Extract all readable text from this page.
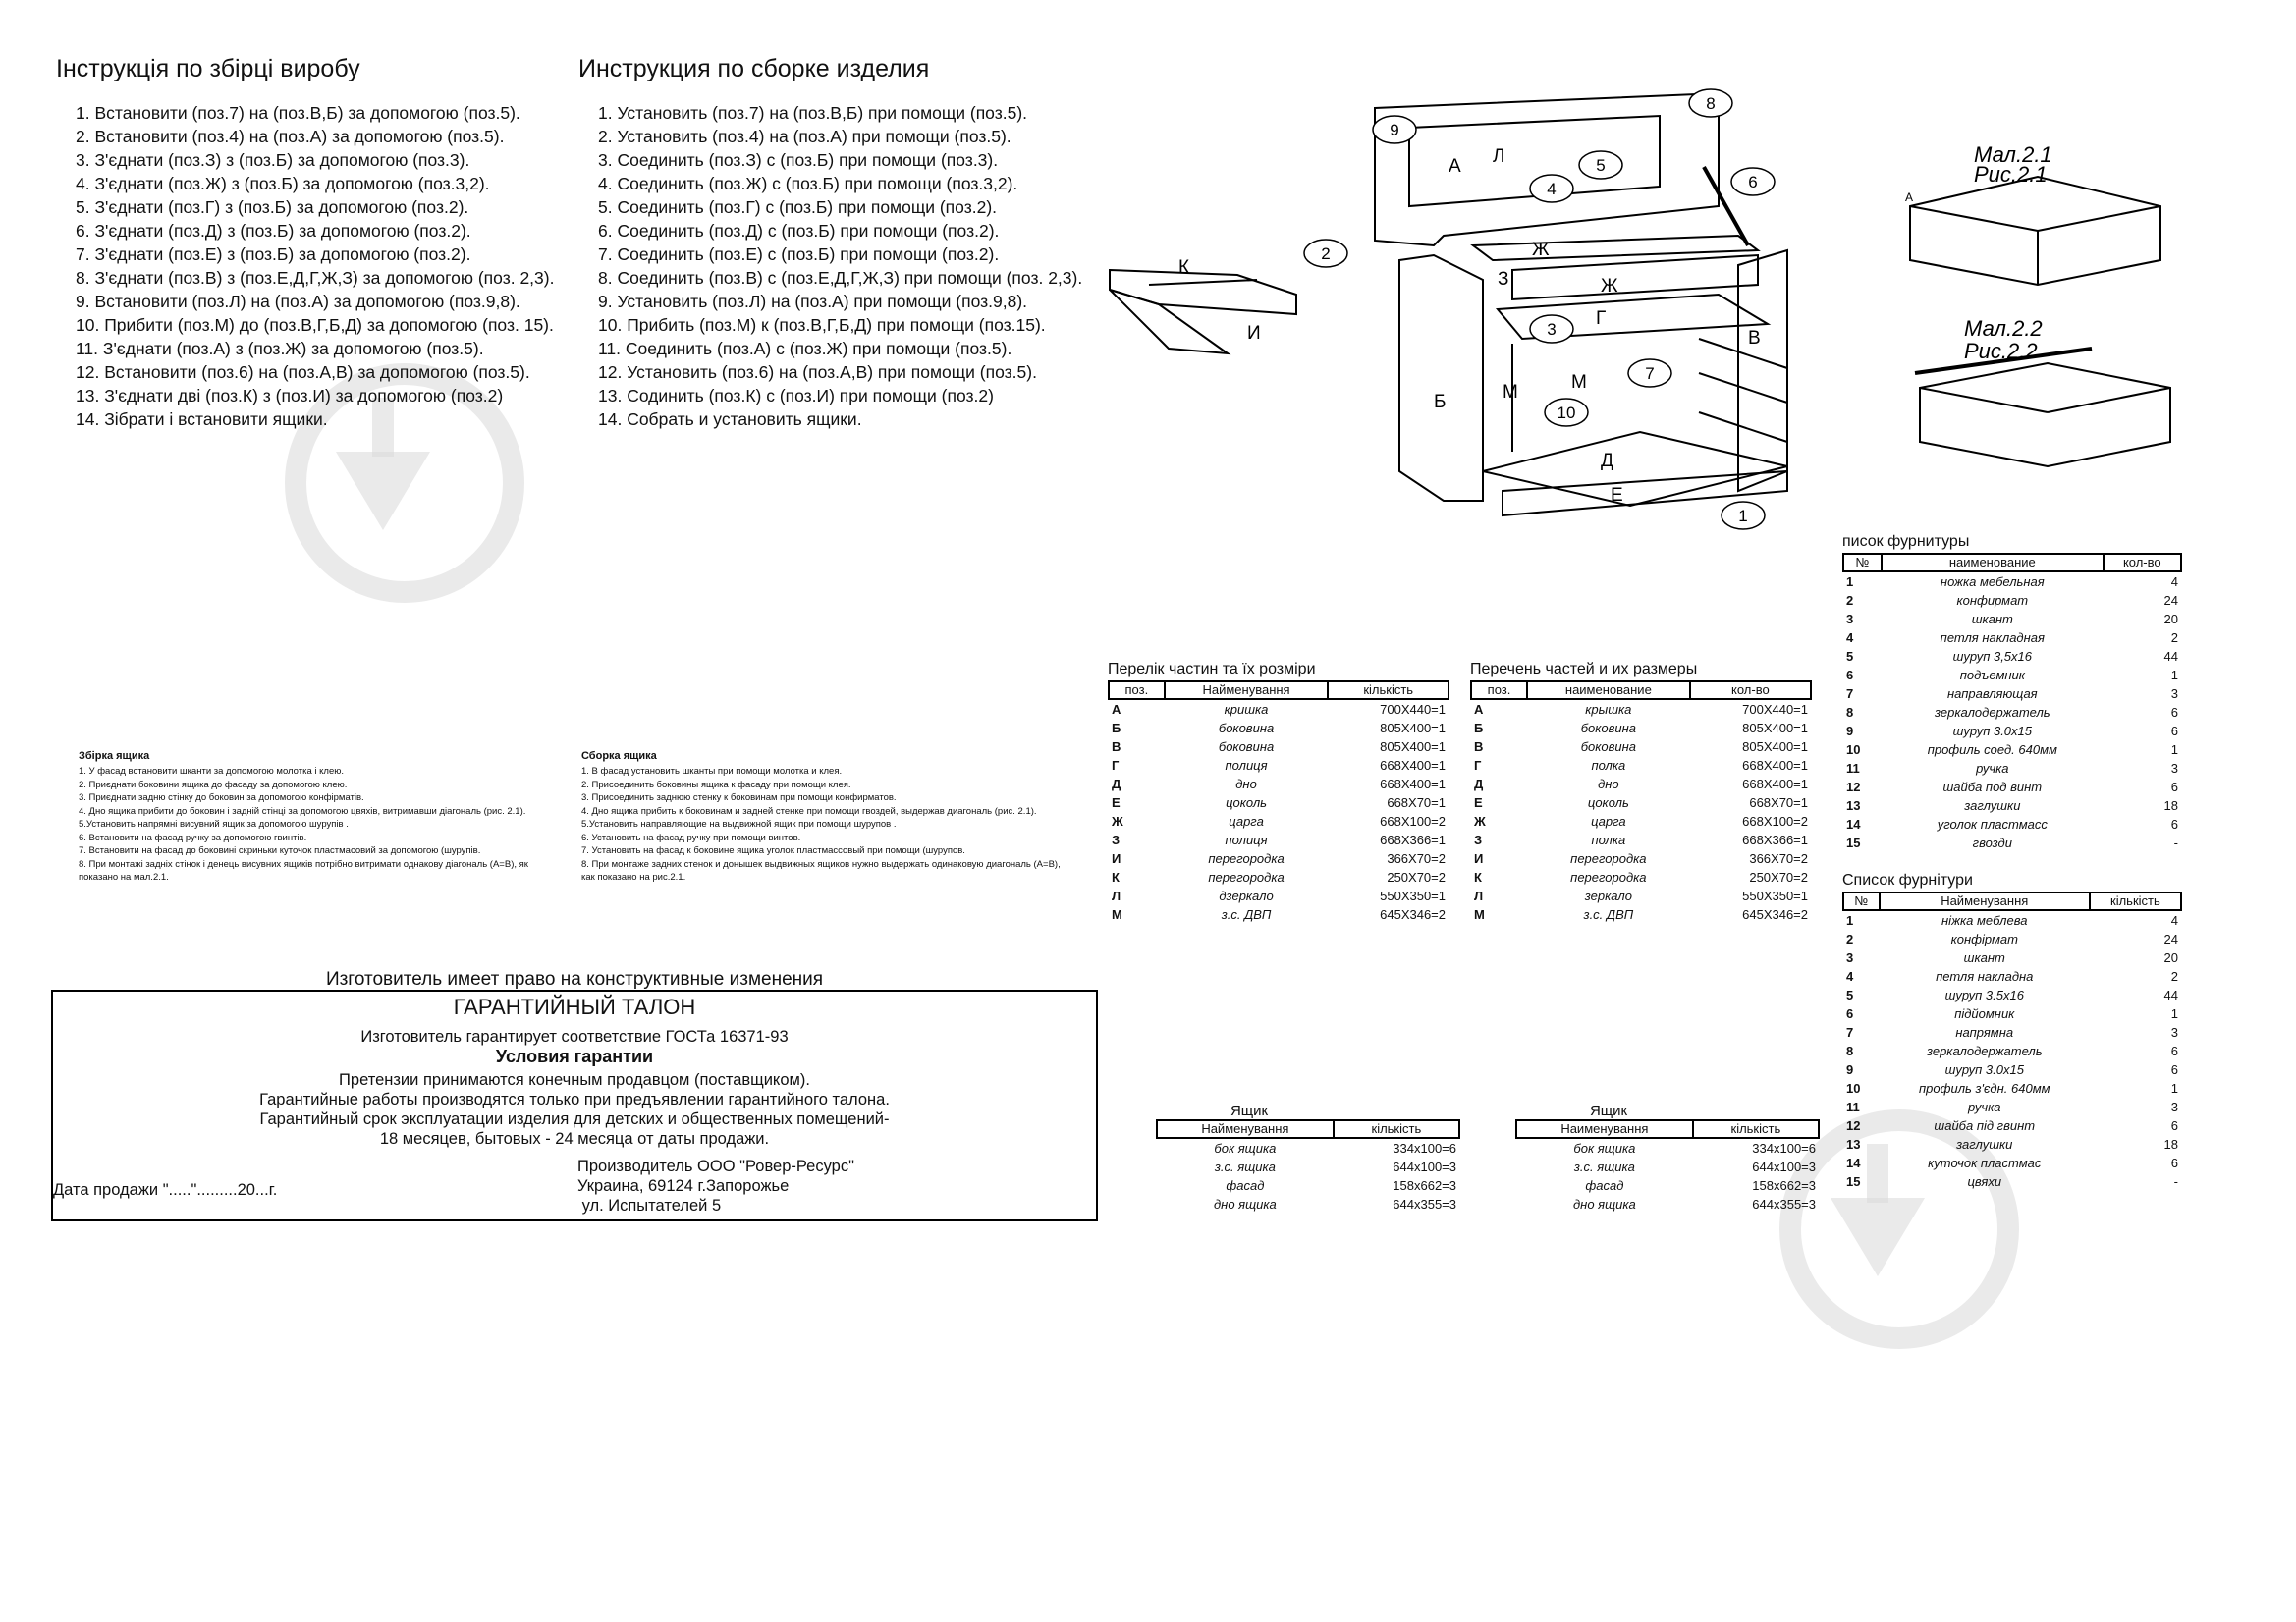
Інструкція по збірці виробу
1. Встановити (поз.7) на (поз.В,Б) за допомогою (поз.5).
2. Встановити (поз.4) на (поз.А) за допомогою (поз.5).
3. З'єднати (поз.З) з (поз.Б) за допомогою (поз.3).
4. З'єднати (поз.Ж) з (поз.Б) за допомогою (поз.3,2).
5. З'єднати (поз.Г) з (поз.Б) за допомогою (поз.2).
6. З'єднати (поз.Д) з (поз.Б) за допомогою (поз.2).
7. З'єднати (поз.Е) з (поз.Б) за допомогою (поз.2).
8. З'єднати (поз.В) з (поз.Е,Д,Г,Ж,З) за допомогою (поз. 2,3).
9. Встановити (поз.Л) на (поз.А) за допомогою (поз.9,8).
10. Прибити (поз.М) до (поз.В,Г,Б,Д) за допомогою (поз. 15).
11. З'єднати (поз.А) з (поз.Ж) за допомогою (поз.5).
12. Встановити (поз.6) на (поз.А,В) за допомогою (поз.5).
13. З'єднати дві (поз.К) з (поз.И) за допомогою (поз.2)
14. Зібрати і встановити ящики.
Инструкция по сборке изделия
1. Установить (поз.7) на (поз.В,Б) при помощи (поз.5).
2. Установить (поз.4) на (поз.А) при помощи (поз.5).
3. Соединить (поз.З) с (поз.Б) при помощи (поз.3).
4. Соединить (поз.Ж) с (поз.Б) при помощи (поз.3,2).
5. Соединить (поз.Г) с (поз.Б) при помощи (поз.2).
6. Соединить (поз.Д) с (поз.Б) при помощи (поз.2).
7. Соединить (поз.Е) с (поз.Б) при помощи (поз.2).
8. Соединить (поз.В) с (поз.Е,Д,Г,Ж,З) при помощи (поз. 2,3).
9. Установить (поз.Л) на (поз.А) при помощи (поз.9,8).
10. Прибить (поз.М) к (поз.В,Г,Б,Д) при помощи (поз.15).
11. Соединить (поз.А) с (поз.Ж) при помощи (поз.5).
12. Установить (поз.6) на (поз.А,В) при помощи (поз.5).
13. Содинить (поз.К) с (поз.И) при помощи (поз.2)
14. Собрать и установить ящики.
Збірка ящика
1. У фасад встановити шканти за допомогою молотка і клею.
2. Приєднати боковини ящика до фасаду за допомогою клею.
3. Приєднати задню стінку до боковин за допомогою конфірматів.
4. Дно ящика прибити до боковин і задній стінці за допомогою цвяхів, витримавши діагональ (рис. 2.1).
5.Установить напрямні висувний ящик за допомогою шурупів .
6. Встановити на фасад ручку за допомогою гвинтів.
7. Встановити на фасад до боковині скриньки куточок пластмасовий за допомогою (шурупів.
8. При монтажі задніх стінок і денець висувних ящиків потрібно витримати однакову діагональ (А=В), як показано на мал.2.1.
Сборка ящика
1. В фасад установить шканты при помощи молотка и клея.
2. Присоединить боковины ящика к фасаду при помощи клея.
3. Присоединить заднюю стенку к боковинам при помощи конфирматов.
4. Дно ящика прибить к боковинам и задней стенке при помощи гвоздей, выдержав диагональ (рис. 2.1).
5.Установить направляющие на выдвижной ящик при помощи шурупов .
6. Установить на фасад ручку при помощи винтов.
7. Установить на фасад к боковине ящика уголок пластмассовый при помощи (шурупов.
8. При монтаже задних стенок и донышек выдвижных ящиков нужно выдержать одинаковую диагональ (А=В), как показано на рис.2.1.
1
2
3
4
5
6
7
8
9
10
А Л
Ж
Ж
З
Г
В
Б	М	М
Д
Е
К
И
Мал.2.1
Рис.2.1
А
Мал.2.2
Рис.2.2
писок фурнитуры
№	наименование	кол-во
1	ножка мебельная	4
2	конфирмат	24
3	шкант	20
4	петля накладная	2
5	шуруп 3,5х16	44
6	подъемник	1
7	направляющая	3
8	зеркалодержатель	6
9	шуруп 3.0х15	6
10	профиль соед. 640мм	1
11	ручка	3
12	шайба под винт	6
13	заглушки	18
14	уголок пластмасс	6
15	гвозди	-
Список фурнітури
№	Найменування	кількість
1	ніжка меблева	4
2	конфірмат	24
3	шкант	20
4	петля накладна	2
5	шуруп 3.5х16	44
6	підйомник	1
7	напрямна	3
8	зеркалодержатель	6
9	шуруп 3.0х15	6
10	профиль з'єдн. 640мм	1
11	ручка	3
12	шайба під гвинт	6
13	заглушки	18
14	куточок пластмас	6
15	цвяхи	-
Перелік частин та їх розміри
поз.	Найменування	кількість
А	кришка	700Х440=1
Б	боковина	805Х400=1
В	боковина	805Х400=1
Г	полиця	668Х400=1
Д	дно	668Х400=1
Е	цоколь	668Х70=1
Ж	царга	668Х100=2
З	полиця	668Х366=1
И	перегородка	366Х70=2
К	перегородка	250Х70=2
Л	дзеркало	550Х350=1
М	з.с. ДВП	645Х346=2
Перечень частей и их размеры
поз.	наименование	кол-во
А	крышка	700Х440=1
Б	боковина	805Х400=1
В	боковина	805Х400=1
Г	полка	668Х400=1
Д	дно	668Х400=1
Е	цоколь	668Х70=1
Ж	царга	668Х100=2
З	полка	668Х366=1
И	перегородка	366Х70=2
К	перегородка	250Х70=2
Л	зеркало	550Х350=1
М	з.с. ДВП	645Х346=2
Ящик
Найменування	кількість
бок ящика	334х100=6
з.с. ящика	644х100=3
фасад	158х662=3
дно ящика	644х355=3
Ящик
Наименування	кількість
бок ящика	334х100=6
з.с. ящика	644х100=3
фасад	158х662=3
дно ящика	644х355=3
Изготовитель имеет право на конструктивные изменения
ГАРАНТИЙНЫЙ ТАЛОН
Изготовитель гарантирует соответствие ГОСТа 16371-93
Условия гарантии
Претензии принимаются конечным продавцом (поставщиком).
Гарантийные работы производятся только при предъявлении гарантийного талона.
Гарантийный срок эксплуатации изделия для детских и общественных помещений-
18 месяцев, бытовых - 24 месяца от даты продажи.
Дата продажи ".....".........20...г.
Производитель ООО "Ровер-Ресурс"
Украина, 69124 г.Запорожье
ул. Испытателей 5
